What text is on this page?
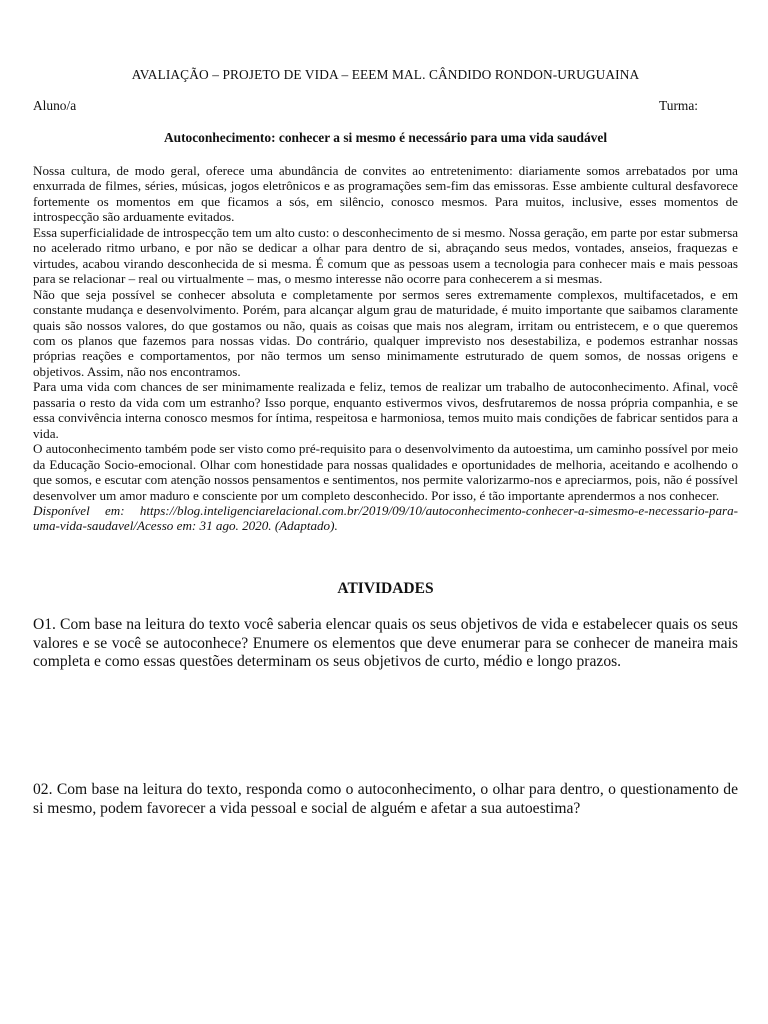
AVALIAÇÃO – PROJETO DE VIDA – EEEM MAL. CÂNDIDO RONDON-URUGUAINA
Aluno/a	Turma:
Autoconhecimento: conhecer a si mesmo é necessário para uma vida saudável

Nossa cultura, de modo geral, oferece uma abundância de convites ao entretenimento: diariamente somos arrebatados por uma enxurrada de filmes, séries, músicas, jogos eletrônicos e as programações sem-fim das emissoras. Esse ambiente cultural desfavorece fortemente os momentos em que ficamos a sós, em silêncio, conosco mesmos. Para muitos, inclusive, esses momentos de introspecção são arduamente evitados.

Essa superficialidade de introspecção tem um alto custo: o desconhecimento de si mesmo. Nossa geração, em parte por estar submersa no acelerado ritmo urbano, e por não se dedicar a olhar para dentro de si, abraçando seus medos, vontades, anseios, fraquezas e virtudes, acabou virando desconhecida de si mesma. É comum que as pessoas usem a tecnologia para conhecer mais e mais pessoas para se relacionar – real ou virtualmente – mas, o mesmo interesse não ocorre para conhecerem a si mesmas.

Não que seja possível se conhecer absoluta e completamente por sermos seres extremamente complexos, multifacetados, e em constante mudança e desenvolvimento. Porém, para alcançar algum grau de maturidade, é muito importante que saibamos claramente quais são nossos valores, do que gostamos ou não, quais as coisas que mais nos alegram, irritam ou entristecem, e o que queremos com os planos que fazemos para nossas vidas. Do contrário, qualquer imprevisto nos desestabiliza, e podemos estranhar nossas próprias reações e comportamentos, por não termos um senso minimamente estruturado de quem somos, de nossas origens e objetivos. Assim, não nos encontramos.

Para uma vida com chances de ser minimamente realizada e feliz, temos de realizar um trabalho de autoconhecimento. Afinal, você passaria o resto da vida com um estranho? Isso porque, enquanto estivermos vivos, desfrutaremos de nossa própria companhia, e se essa convivência interna conosco mesmos for íntima, respeitosa e harmoniosa, temos muito mais condições de fabricar sentidos para a vida.

O autoconhecimento também pode ser visto como pré-requisito para o desenvolvimento da autoestima, um caminho possível por meio da Educação Socio-emocional. Olhar com honestidade para nossas qualidades e oportunidades de melhoria, aceitando e acolhendo o que somos, e escutar com atenção nossos pensamentos e sentimentos, nos permite valorizarmo-nos e apreciarmos, pois, não é possível desenvolver um amor maduro e consciente por um completo desconhecido. Por isso, é tão importante aprendermos a nos conhecer.

Disponível em: https://blog.inteligenciarelacional.com.br/2019/09/10/autoconhecimento-conhecer-a-simesmo-e-necessario-para-uma-vida-saudavel/Acesso em: 31 ago. 2020. (Adaptado).

ATIVIDADES

O1. Com base na leitura do texto você saberia elencar quais os seus objetivos de vida e estabelecer quais os seus valores e se você se autoconhece? Enumere os elementos que deve enumerar para se conhecer de maneira mais completa e como essas questões determinam os seus objetivos de curto, médio e longo prazos.

02. Com base na leitura do texto, responda como o autoconhecimento, o olhar para dentro, o questionamento de si mesmo, podem favorecer a vida pessoal e social de alguém e afetar a sua autoestima?
